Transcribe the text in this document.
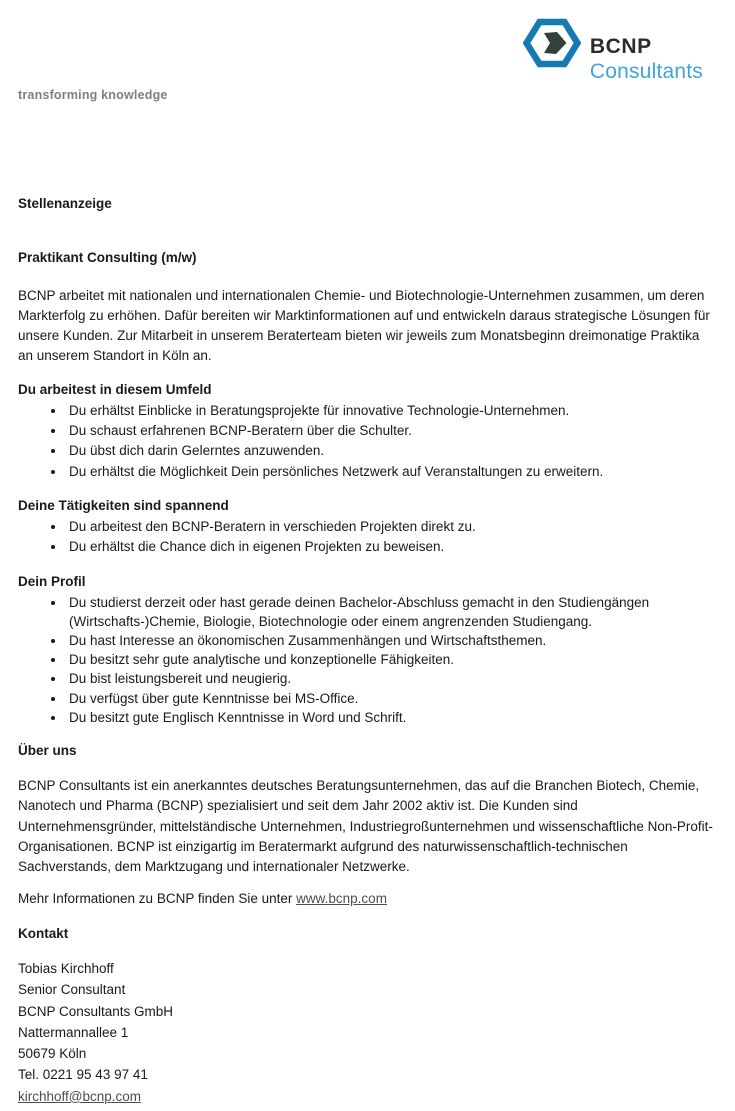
transforming knowledge
BCNP
Consultants
Stellenanzeige
Praktikant Consulting (m/w)

BCNP arbeitet mit nationalen und internationalen Chemie- und Biotechnologie-Unternehmen zusammen, um deren Markterfolg zu erhöhen. Dafür bereiten wir Marktinformationen auf und entwickeln daraus strategische Lösungen für unsere Kunden. Zur Mitarbeit in unserem Beraterteam bieten wir jeweils zum Monatsbeginn dreimonatige Praktika an unserem Standort in Köln an.

Du arbeitest in diesem Umfeld
• Du erhältst Einblicke in Beratungsprojekte für innovative Technologie-Unternehmen.
• Du schaust erfahrenen BCNP-Beratern über die Schulter.
• Du übst dich darin Gelerntes anzuwenden.
• Du erhältst die Möglichkeit Dein persönliches Netzwerk auf Veranstaltungen zu erweitern.
Deine Tätigkeiten sind spannend
• Du arbeitest den BCNP-Beratern in verschieden Projekten direkt zu.
• Du erhältst die Chance dich in eigenen Projekten zu beweisen.
Dein Profil
• Du studierst derzeit oder hast gerade deinen Bachelor-Abschluss gemacht in den Studiengängen (Wirtschafts-)Chemie, Biologie, Biotechnologie oder einem angrenzenden Studiengang.
• Du hast Interesse an ökonomischen Zusammenhängen und Wirtschaftsthemen.
• Du besitzt sehr gute analytische und konzeptionelle Fähigkeiten.
• Du bist leistungsbereit und neugierig.
• Du verfügst über gute Kenntnisse bei MS-Office.
• Du besitzt gute Englisch Kenntnisse in Word und Schrift.
Über uns

BCNP Consultants ist ein anerkanntes deutsches Beratungsunternehmen, das auf die Branchen Biotech, Chemie, Nanotech und Pharma (BCNP) spezialisiert und seit dem Jahr 2002 aktiv ist. Die Kunden sind Unternehmensgründer, mittelständische Unternehmen, Industriegroßunternehmen und wissenschaftliche Non-Profit-Organisationen. BCNP ist einzigartig im Beratermarkt aufgrund des naturwissenschaftlich-technischen Sachverstands, dem Marktzugang und internationaler Netzwerke.

Mehr Informationen zu BCNP finden Sie unter www.bcnp.com

Kontakt
Tobias Kirchhoff
Senior Consultant
BCNP Consultants GmbH
Nattermannallee 1
50679 Köln
Tel. 0221 95 43 97 41
kirchhoff@bcnp.com
